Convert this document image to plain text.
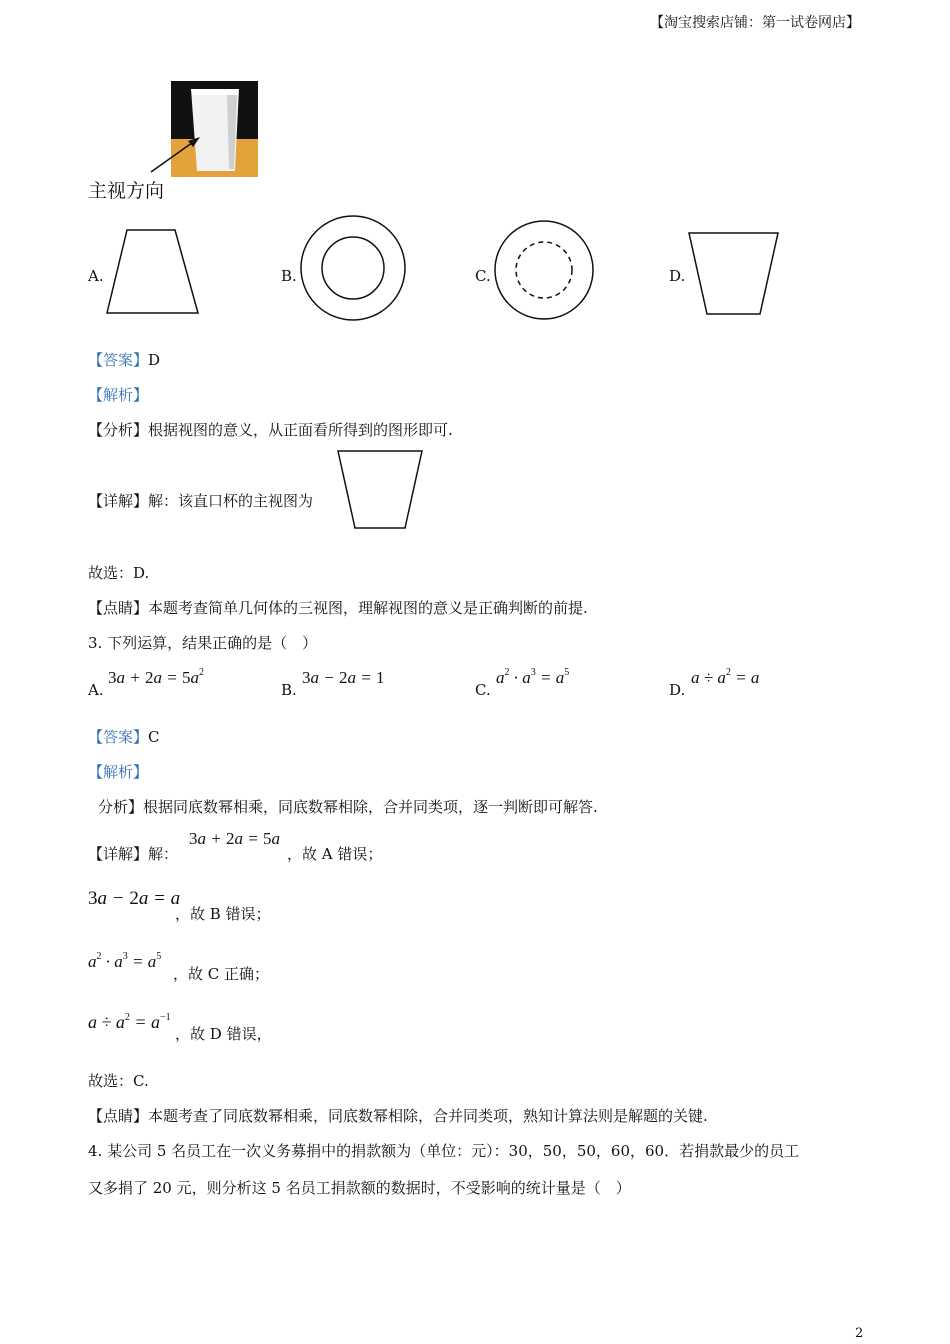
【淘宝搜索店铺：第一试卷网店】
主视方向
A.	B.	C.	D.
【答案】D
【解析】
【分析】根据视图的意义，从正面看所得到的图形即可.
【详解】解：该直口杯的主视图为
故选：D.
【点睛】本题考查简单几何体的三视图，理解视图的意义是正确判断的前提.
3. 下列运算，结果正确的是（　）
A.
$3a + 2a = 5a^2$
B.
3a − 2a = 1
C.
$a^2 \cdot a^3 = a^5$
D.
$a \div a^2 = a$
【答案】C
【解析】
分析】根据同底数幂相乘，同底数幂相除，合并同类项，逐一判断即可解答.
【详解】解：
3a + 2a = 5a
，故 A 错误；
3a − 2a = a
，故 B 错误；
$a^2 \cdot a^3 = a^5$
，故 C 正确；
$a \div a^2 = a^{-1}$
，故 D 错误，
故选：C.
【点睛】本题考查了同底数幂相乘，同底数幂相除，合并同类项，熟知计算法则是解题的关键.
4. 某公司 5 名员工在一次义务募捐中的捐款额为（单位：元）：30，50，50，60，60．若捐款最少的员工
又多捐了 20 元，则分析这 5 名员工捐款额的数据时，不受影响的统计量是（　）
2
